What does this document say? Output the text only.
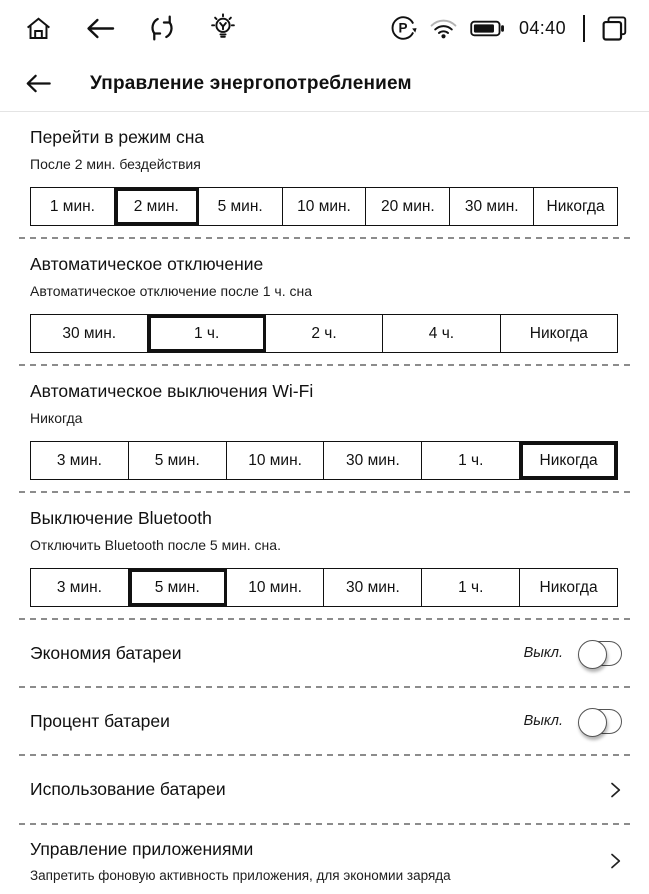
P	04:40
Управление энергопотреблением
Перейти в режим сна
После 2 мин. бездействия
1 мин.	2 мин.	5 мин.	10 мин.	20 мин.	30 мин.	Никогда
Автоматическое отключение
Автоматическое отключение после 1 ч. сна
30 мин.	1 ч.	2 ч.	4 ч.	Никогда
Автоматическое выключения Wi-Fi
Никогда
3 мин.	5 мин.	10 мин.	30 мин.	1 ч.	Никогда
Выключение Bluetooth
Отключить Bluetooth после 5 мин. сна.
3 мин.	5 мин.	10 мин.	30 мин.	1 ч.	Никогда
Экономия батареи	Выкл.
Процент батареи	Выкл.
Использование батареи
Управление приложениями
Запретить фоновую активность приложения, для экономии заряда
